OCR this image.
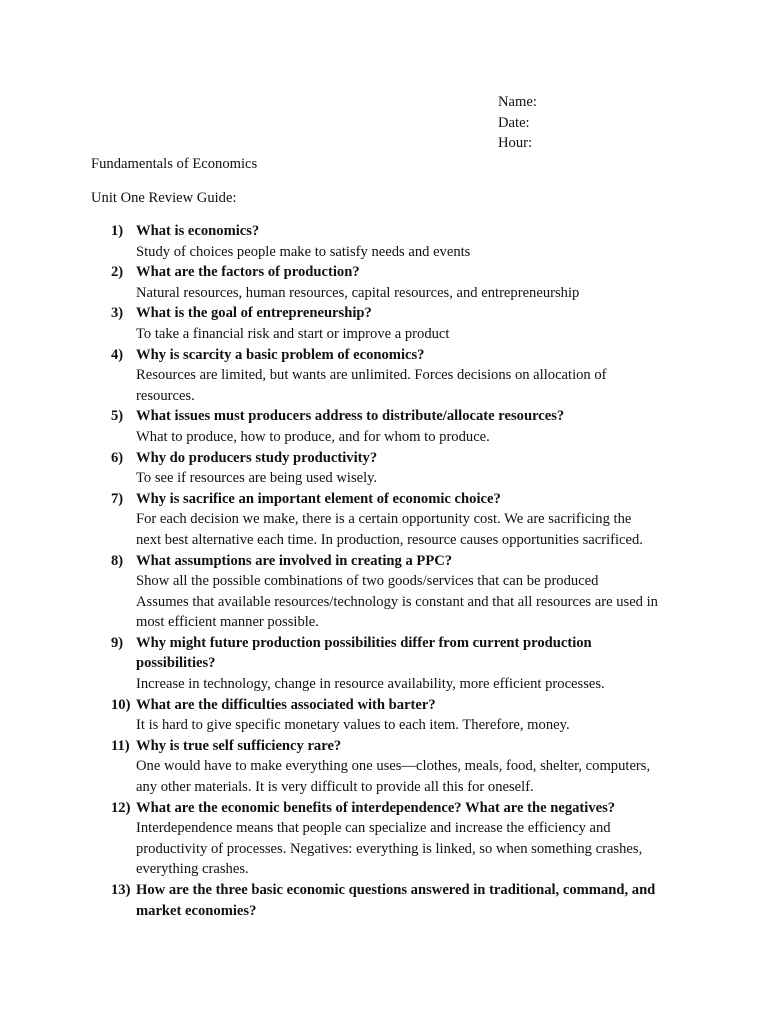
Name:
Date:
Hour:
Fundamentals of Economics
Unit One Review Guide:
1) What is economics?
Study of choices people make to satisfy needs and events
2) What are the factors of production?
Natural resources, human resources, capital resources, and entrepreneurship
3) What is the goal of entrepreneurship?
To take a financial risk and start or improve a product
4) Why is scarcity a basic problem of economics?
Resources are limited, but wants are unlimited. Forces decisions on allocation of
resources.
5) What issues must producers address to distribute/allocate resources?
What to produce, how to produce, and for whom to produce.
6) Why do producers study productivity?
To see if resources are being used wisely.
7) Why is sacrifice an important element of economic choice?
For each decision we make, there is a certain opportunity cost. We are sacrificing the
next best alternative each time. In production, resource causes opportunities sacrificed.
8) What assumptions are involved in creating a PPC?
Show all the possible combinations of two goods/services that can be produced
Assumes that available resources/technology is constant and that all resources are used in
most efficient manner possible.
9) Why might future production possibilities differ from current production
possibilities?
Increase in technology, change in resource availability, more efficient processes.
10) What are the difficulties associated with barter?
It is hard to give specific monetary values to each item. Therefore, money.
11) Why is true self sufficiency rare?
One would have to make everything one uses—clothes, meals, food, shelter, computers,
any other materials. It is very difficult to provide all this for oneself.
12) What are the economic benefits of interdependence? What are the negatives?
Interdependence means that people can specialize and increase the efficiency and
productivity of processes. Negatives: everything is linked, so when something crashes,
everything crashes.
13) How are the three basic economic questions answered in traditional, command, and
market economies?
